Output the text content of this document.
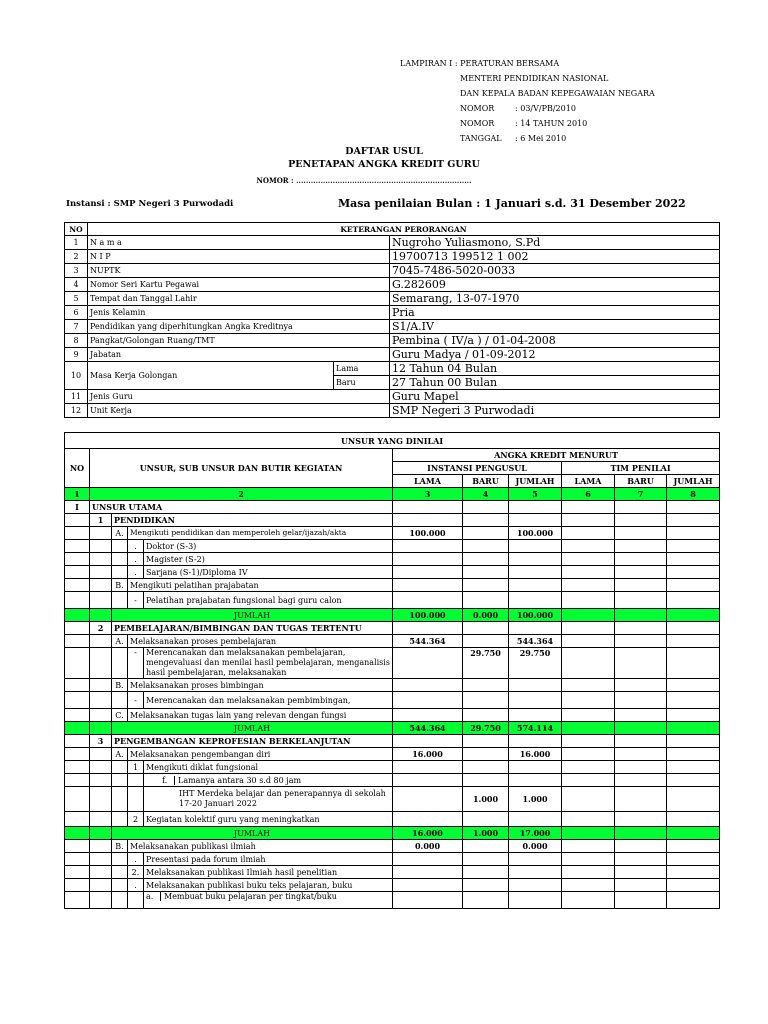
LAMPIRAN I :
PERATURAN BERSAMA
MENTERI PENDIDIKAN NASIONAL
DAN KEPALA BADAN KEPEGAWAIAN NEGARA
NOMOR	: 03/V/PB/2010
NOMOR	: 14 TAHUN 2010
TANGGAL	: 6 Mei 2010
DAFTAR USUL
PENETAPAN ANGKA KREDIT GURU
NOMOR : ........................................................................
Instansi : SMP Negeri 3 Purwodadi	Masa penilaian Bulan : 1 Januari s.d. 31 Desember 2022
NO	KETERANGAN PERORANGAN		
1	N a m a		Nugroho Yuliasmono, S.Pd
2	N I P		19700713 199512 1 002
3	NUPTK		7045-7486-5020-0033
4	Nomor Seri Kartu Pegawai		G.282609
5	Tempat dan Tanggal Lahir		Semarang, 13-07-1970
6	Jenis Kelamin		Pria
7	Pendidikan yang diperhitungkan Angka Kreditnya		S1/A.IV
8	Pangkat/Golongan Ruang/TMT		Pembina ( IV/a ) / 01-04-2008
9	Jabatan		Guru Madya / 01-09-2012
10	Masa Kerja Golongan	Lama	12 Tahun 04 Bulan
		Baru	27 Tahun 00 Bulan
11	Jenis Guru		Guru Mapel
12	Unit Kerja		SMP Negeri 3 Purwodadi
UNSUR YANG DINILAI										
NO	UNSUR, SUB UNSUR DAN BUTIR KEGIATAN				ANGKA KREDIT MENURUT					
					INSTANSI PENGUSUL			TIM PENILAI		
					LAMA	BARU	JUMLAH	LAMA	BARU	JUMLAH
1	2				3	4	5	6	7	8
I	UNSUR UTAMA									
	1	PENDIDIKAN								
		A.	Mengikuti pendidikan dan memperoleh gelar/ijazah/akta		100.000		100.000			
			.	Doktor (S-3)						
			.	Magister (S-2)						
			.	Sarjana (S-1)/Diploma IV						
		B.	Mengikuti pelatihan prajabatan							
			-	Pelatihan prajabatan fungsional bagi guru calon						
		JUMLAH			100.000	0.000	100.000			
	2	PEMBELAJARAN/BIMBINGAN DAN TUGAS TERTENTU								
		A.	Melaksanakan proses pembelajaran		544.364		544.364			
			-	Merencanakan dan melaksanakan pembelajaran, mengevaluasi dan menilai hasil pembelajaran, menganalisis hasil pembelajaran, melaksanakan		29.750	29.750			
		B.	Melaksanakan proses bimbingan							
			-	Merencanakan dan melaksanakan pembimbingan,						
		C.	Melaksanakan tugas lain yang relevan dengan fungsi							
		JUMLAH			544.364	29.750	574.114			
	3	PENGEMBANGAN KEPROFESIAN BERKELANJUTAN								
		A.	Melaksanakan pengembangan diri		16.000		16.000			
			1	Mengikuti diklat fungsional						
				f. Lamanya antara 30 s.d 80 jam						
				IHT Merdeka belajar dan penerapannya di sekolah 17-20 Januari 2022		1.000	1.000			
			2	Kegiatan kolektif guru yang meningkatkan						
		JUMLAH			16.000	1.000	17.000			
		B.	Melaksanakan publikasi ilmiah		0.000		0.000			
			.	Presentasi pada forum ilmiah						
			2.	Melaksanakan publikasi Ilmiah hasil penelitian						
			.	Melaksanakan publikasi buku teks pelajaran, buku						
				a. Membuat buku pelajaran per tingkat/buku						
